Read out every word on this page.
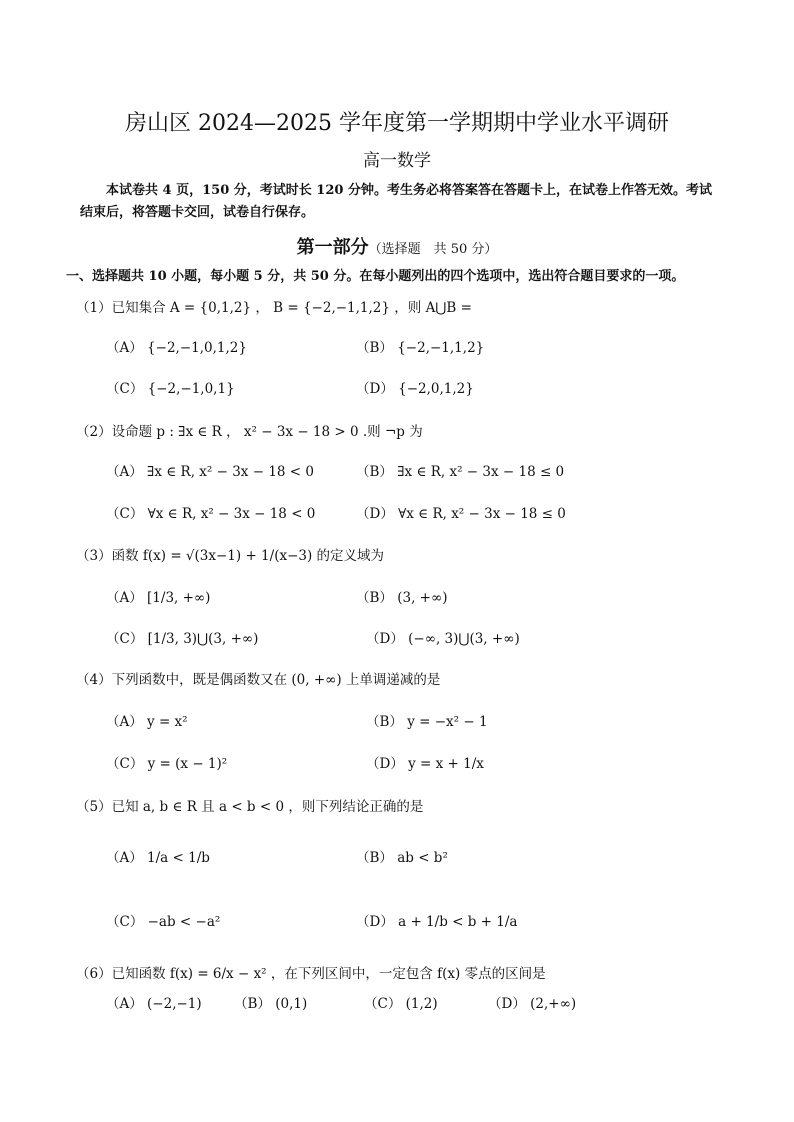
房山区 2024—2025 学年度第一学期期中学业水平调研
高一数学
本试卷共 4 页，150 分，考试时长 120 分钟。考生务必将答案答在答题卡上，在试卷上作答无效。考试结束后，将答题卡交回，试卷自行保存。
第一部分（选择题　共 50 分）
一、选择题共 10 小题，每小题 5 分，共 50 分。在每小题列出的四个选项中，选出符合题目要求的一项。
（1）已知集合 A = {0,1,2} ， B = {−2,−1,1,2} ，则 A⋃B =
（A） {−2,−1,0,1,2}	（B） {−2,−1,1,2}
（C） {−2,−1,0,1}	（D） {−2,0,1,2}
（2）设命题 p : ∃x ∈ R ， x² − 3x − 18 > 0 .则 ¬p 为
（A） ∃x ∈ R, x² − 3x − 18 < 0	（B） ∃x ∈ R, x² − 3x − 18 ≤ 0
（C） ∀x ∈ R, x² − 3x − 18 < 0	（D） ∀x ∈ R, x² − 3x − 18 ≤ 0
（3）函数 f(x) = √(3x−1) + 1/(x−3) 的定义域为
（A） [1/3, +∞)	（B） (3, +∞)
（C） [1/3, 3)⋃(3, +∞)	（D） (−∞, 3)⋃(3, +∞)
（4）下列函数中，既是偶函数又在 (0, +∞) 上单调递减的是
（A） y = x²	（B） y = −x² − 1
（C） y = (x − 1)²	（D） y = x + 1/x
（5）已知 a, b ∈ R 且 a < b < 0 ，则下列结论正确的是
（A） 1/a < 1/b	（B） ab < b²
（C） −ab < −a²	（D） a + 1/b < b + 1/a
（6）已知函数 f(x) = 6/x − x² ，在下列区间中，一定包含 f(x) 零点的区间是
（A） (−2,−1) （B） (0,1)	（C） (1,2)	（D） (2,+∞)
